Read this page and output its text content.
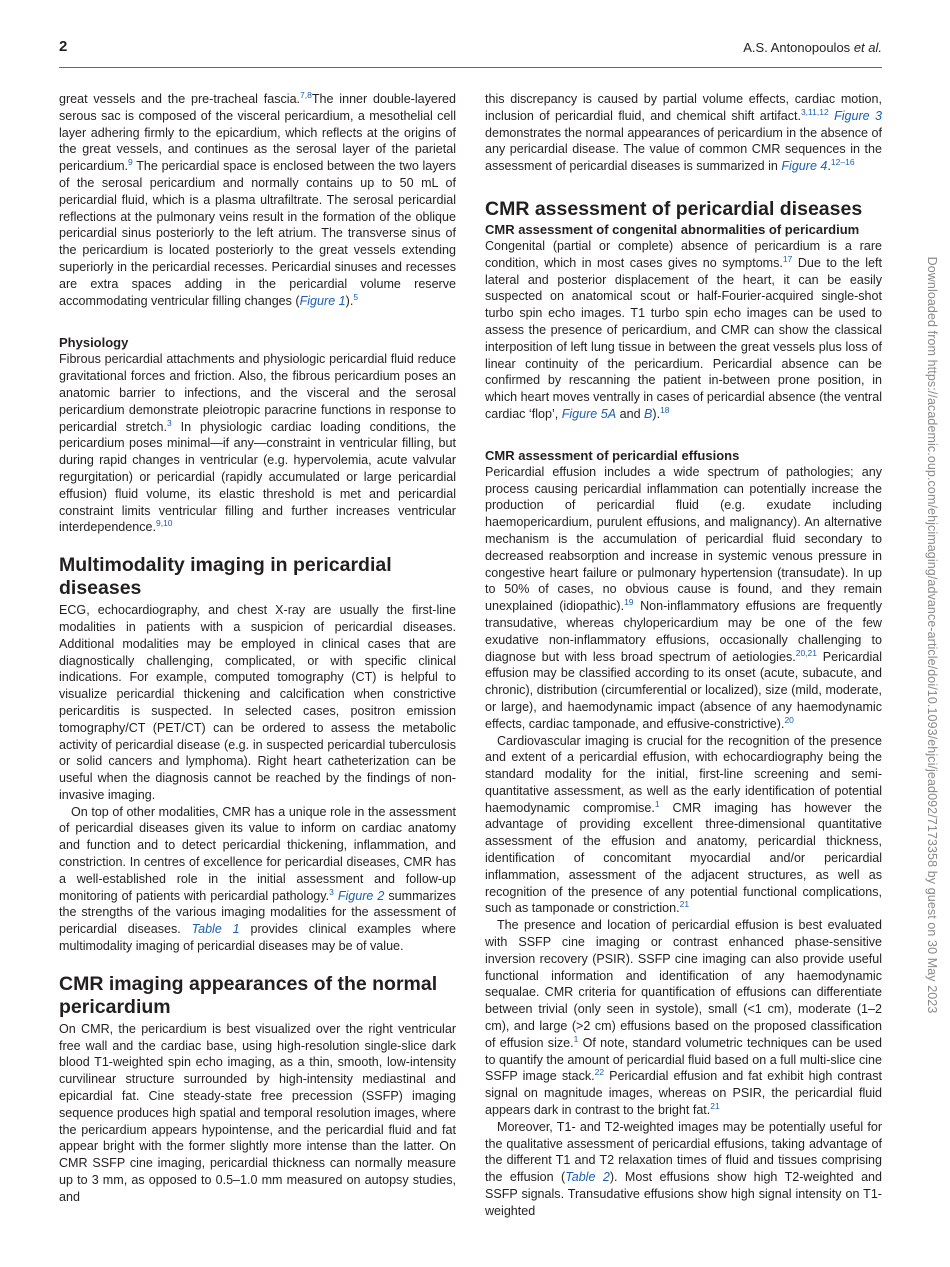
2	A.S. Antonopoulos et al.

great vessels and the pre-tracheal fascia.$^{7,8}$The inner double-layered serous sac is composed of the visceral pericardium, a mesothelial cell layer adhering firmly to the epicardium, which reflects at the origins of the great vessels, and continues as the serosal layer of the parietal pericardium.$^9$ The pericardial space is enclosed between the two layers of the serosal pericardium and normally contains up to 50 mL of pericardial fluid, which is a plasma ultrafiltrate. The serosal pericardial reflections at the pulmonary veins result in the formation of the oblique pericardial sinus posteriorly to the left atrium. The transverse sinus of the pericardium is located posteriorly to the great vessels extending superiorly in the pericardial recesses. Pericardial sinuses and recesses are extra spaces adding in the pericardial volume reserve accommodating ventricular filling changes (Figure 1).$^5$

Physiology

Fibrous pericardial attachments and physiologic pericardial fluid reduce gravitational forces and friction. Also, the fibrous pericardium poses an anatomic barrier to infections, and the visceral and the serosal pericardium demonstrate pleiotropic paracrine functions in response to pericardial stretch.$^3$ In physiologic cardiac loading conditions, the pericardium poses minimal—if any—constraint in ventricular filling, but during rapid changes in ventricular (e.g. hypervolemia, acute valvular regurgitation) or pericardial (rapidly accumulated or large pericardial effusion) fluid volume, its elastic threshold is met and pericardial constraint limits ventricular filling and further increases ventricular interdependence.$^{9,10}$

Multimodality imaging in pericardial diseases

ECG, echocardiography, and chest X-ray are usually the first-line modalities in patients with a suspicion of pericardial diseases. Additional modalities may be employed in clinical cases that are diagnostically challenging, complicated, or with specific clinical indications. For example, computed tomography (CT) is helpful to visualize pericardial thickening and calcification when constrictive pericarditis is suspected. In selected cases, positron emission tomography/CT (PET/CT) can be ordered to assess the metabolic activity of pericardial disease (e.g. in suspected pericardial tuberculosis or solid cancers and lymphoma). Right heart catheterization can be useful when the diagnosis cannot be reached by the findings of non-invasive imaging.

On top of other modalities, CMR has a unique role in the assessment of pericardial diseases given its value to inform on cardiac anatomy and function and to detect pericardial thickening, inflammation, and constriction. In centres of excellence for pericardial diseases, CMR has a well-established role in the initial assessment and follow-up monitoring of patients with pericardial pathology.$^3$ Figure 2 summarizes the strengths of the various imaging modalities for the assessment of pericardial diseases. Table 1 provides clinical examples where multimodality imaging of pericardial diseases may be of value.

CMR imaging appearances of the normal pericardium

On CMR, the pericardium is best visualized over the right ventricular free wall and the cardiac base, using high-resolution single-slice dark blood T1-weighted spin echo imaging, as a thin, smooth, low-intensity curvilinear structure surrounded by high-intensity mediastinal and epicardial fat. Cine steady-state free precession (SSFP) imaging sequence produces high spatial and temporal resolution images, where the pericardium appears hypointense, and the pericardial fluid and fat appear bright with the former slightly more intense than the latter. On CMR SSFP cine imaging, pericardial thickness can normally measure up to 3 mm, as opposed to 0.5–1.0 mm measured on autopsy studies, and

this discrepancy is caused by partial volume effects, cardiac motion, inclusion of pericardial fluid, and chemical shift artifact.$^{3,11,12}$ Figure 3 demonstrates the normal appearances of pericardium in the absence of any pericardial disease. The value of common CMR sequences in the assessment of pericardial diseases is summarized in Figure 4.$^{12-16}$

CMR assessment of pericardial diseases
CMR assessment of congenital abnormalities of pericardium

Congenital (partial or complete) absence of pericardium is a rare condition, which in most cases gives no symptoms.$^{17}$ Due to the left lateral and posterior displacement of the heart, it can be easily suspected on anatomical scout or half-Fourier-acquired single-shot turbo spin echo images. T1 turbo spin echo images can be used to assess the presence of pericardium, and CMR can show the classical interposition of left lung tissue in between the great vessels plus loss of linear continuity of the pericardium. Pericardial absence can be confirmed by rescanning the patient in-between prone position, in which heart moves ventrally in cases of pericardial absence (the ventral cardiac ‘flop’, Figure 5A and B).$^{18}$

CMR assessment of pericardial effusions

Pericardial effusion includes a wide spectrum of pathologies; any process causing pericardial inflammation can potentially increase the production of pericardial fluid (e.g. exudate including haemopericardium, purulent effusions, and malignancy). An alternative mechanism is the accumulation of pericardial fluid secondary to decreased reabsorption and increase in systemic venous pressure in congestive heart failure or pulmonary hypertension (transudate). In up to 50% of cases, no obvious cause is found, and they remain unexplained (idiopathic).$^{19}$ Non-inflammatory effusions are frequently transudative, whereas chylopericardium may be one of the few exudative non-inflammatory effusions, occasionally challenging to diagnose but with less broad spectrum of aetiologies.$^{20,21}$ Pericardial effusion may be classified according to its onset (acute, subacute, and chronic), distribution (circumferential or localized), size (mild, moderate, or large), and haemodynamic impact (absence of any haemodynamic effects, cardiac tamponade, and effusive-constrictive).$^{20}$

Cardiovascular imaging is crucial for the recognition of the presence and extent of a pericardial effusion, with echocardiography being the standard modality for the initial, first-line screening and semi-quantitative assessment, as well as the early identification of potential haemodynamic compromise.$^1$ CMR imaging has however the advantage of providing excellent three-dimensional quantitative assessment of the effusion and anatomy, pericardial thickness, identification of concomitant myocardial and/or pericardial inflammation, assessment of the adjacent structures, as well as recognition of the presence of any potential functional complications, such as tamponade or constriction.$^{21}$

The presence and location of pericardial effusion is best evaluated with SSFP cine imaging or contrast enhanced phase-sensitive inversion recovery (PSIR). SSFP cine imaging can also provide useful functional information and identification of any haemodynamic sequalae. CMR criteria for quantification of effusions can differentiate between trivial (only seen in systole), small (<1 cm), moderate (1–2 cm), and large (>2 cm) effusions based on the proposed classification of effusion size.$^1$ Of note, standard volumetric techniques can be used to quantify the amount of pericardial fluid based on a full multi-slice cine SSFP image stack.$^{22}$ Pericardial effusion and fat exhibit high contrast signal on magnitude images, whereas on PSIR, the pericardial fluid appears dark in contrast to the bright fat.$^{21}$

Moreover, T1- and T2-weighted images may be potentially useful for the qualitative assessment of pericardial effusions, taking advantage of the different T1 and T2 relaxation times of fluid and tissues comprising the effusion (Table 2). Most effusions show high T2-weighted and SSFP signals. Transudative effusions show high signal intensity on T1-weighted

Downloaded from https://academic.oup.com/ehjcimaging/advance-article/doi/10.1093/ehjci/jead092/7173358 by guest on 30 May 2023
